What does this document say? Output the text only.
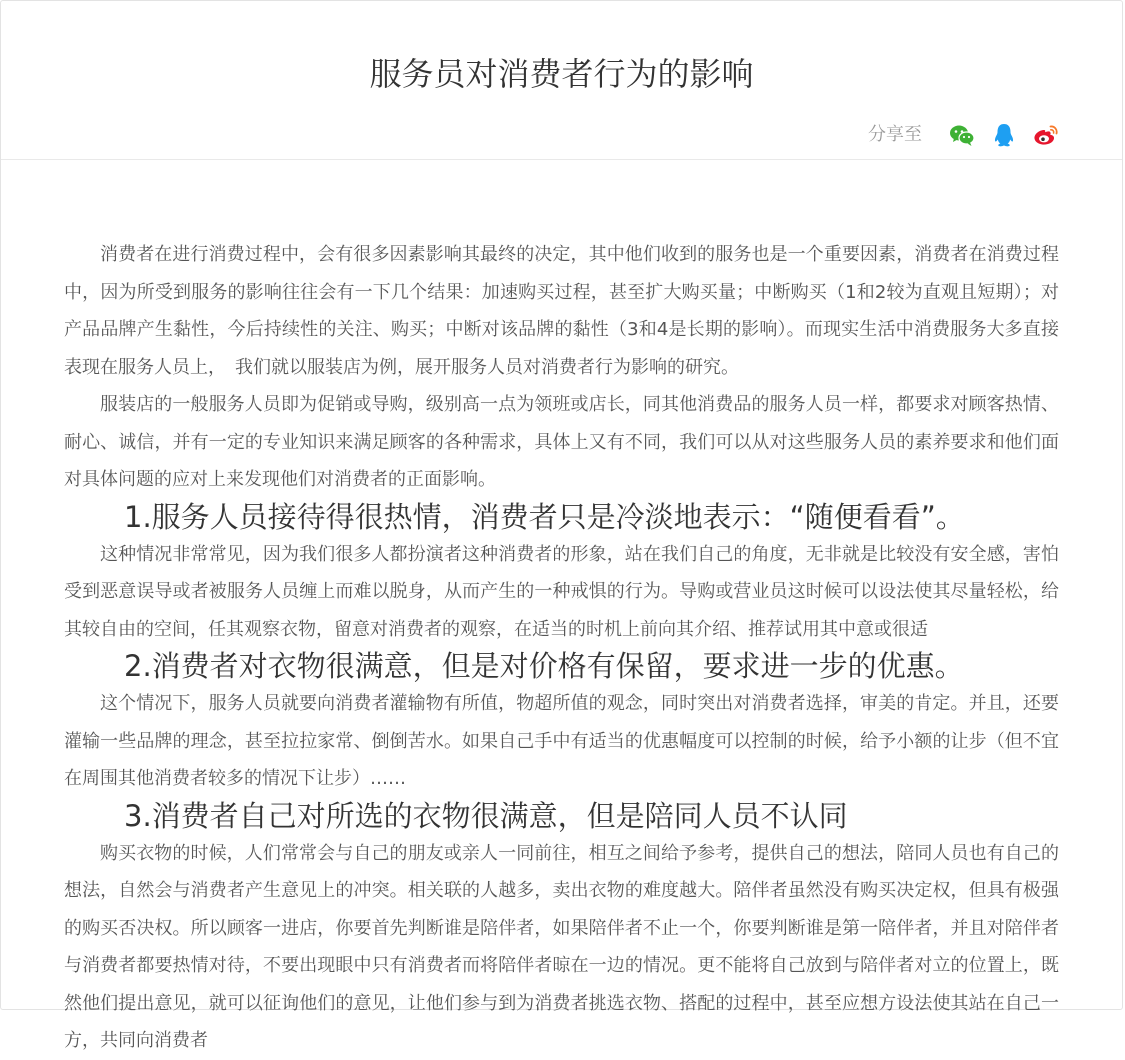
服务员对消费者行为的影响
分享至

消费者在进行消费过程中，会有很多因素影响其最终的决定，其中他们收到的服务也是一个重要因素，消费者在消费过程中，因为所受到服务的影响往往会有一下几个结果：加速购买过程，甚至扩大购买量；中断购买（1和2较为直观且短期）；对产品品牌产生黏性，今后持续性的关注、购买；中断对该品牌的黏性（3和4是长期的影响）。而现实生活中消费服务大多直接表现在服务人员上，　我们就以服装店为例，展开服务人员对消费者行为影响的研究。

服装店的一般服务人员即为促销或导购，级别高一点为领班或店长，同其他消费品的服务人员一样，都要求对顾客热情、耐心、诚信，并有一定的专业知识来满足顾客的各种需求，具体上又有不同，我们可以从对这些服务人员的素养要求和他们面对具体问题的应对上来发现他们对消费者的正面影响。

1.服务人员接待得很热情，消费者只是冷淡地表示：“随便看看”。

这种情况非常常见，因为我们很多人都扮演者这种消费者的形象，站在我们自己的角度，无非就是比较没有安全感，害怕受到恶意误导或者被服务人员缠上而难以脱身，从而产生的一种戒惧的行为。导购或营业员这时候可以设法使其尽量轻松，给其较自由的空间，任其观察衣物，留意对消费者的观察，在适当的时机上前向其介绍、推荐试用其中意或很适

2.消费者对衣物很满意，但是对价格有保留，要求进一步的优惠。

这个情况下，服务人员就要向消费者灌输物有所值，物超所值的观念，同时突出对消费者选择，审美的肯定。并且，还要灌输一些品牌的理念，甚至拉拉家常、倒倒苦水。如果自己手中有适当的优惠幅度可以控制的时候，给予小额的让步（但不宜在周围其他消费者较多的情况下让步）……

3.消费者自己对所选的衣物很满意，但是陪同人员不认同

购买衣物的时候，人们常常会与自己的朋友或亲人一同前往，相互之间给予参考，提供自己的想法，陪同人员也有自己的想法，自然会与消费者产生意见上的冲突。相关联的人越多，卖出衣物的难度越大。陪伴者虽然没有购买决定权，但具有极强的购买否决权。所以顾客一进店，你要首先判断谁是陪伴者，如果陪伴者不止一个，你要判断谁是第一陪伴者，并且对陪伴者与消费者都要热情对待，不要出现眼中只有消费者而将陪伴者晾在一边的情况。更不能将自己放到与陪伴者对立的位置上，既然他们提出意见，就可以征询他们的意见，让他们参与到为消费者挑选衣物、搭配的过程中，甚至应想方设法使其站在自己一方，共同向消费者
